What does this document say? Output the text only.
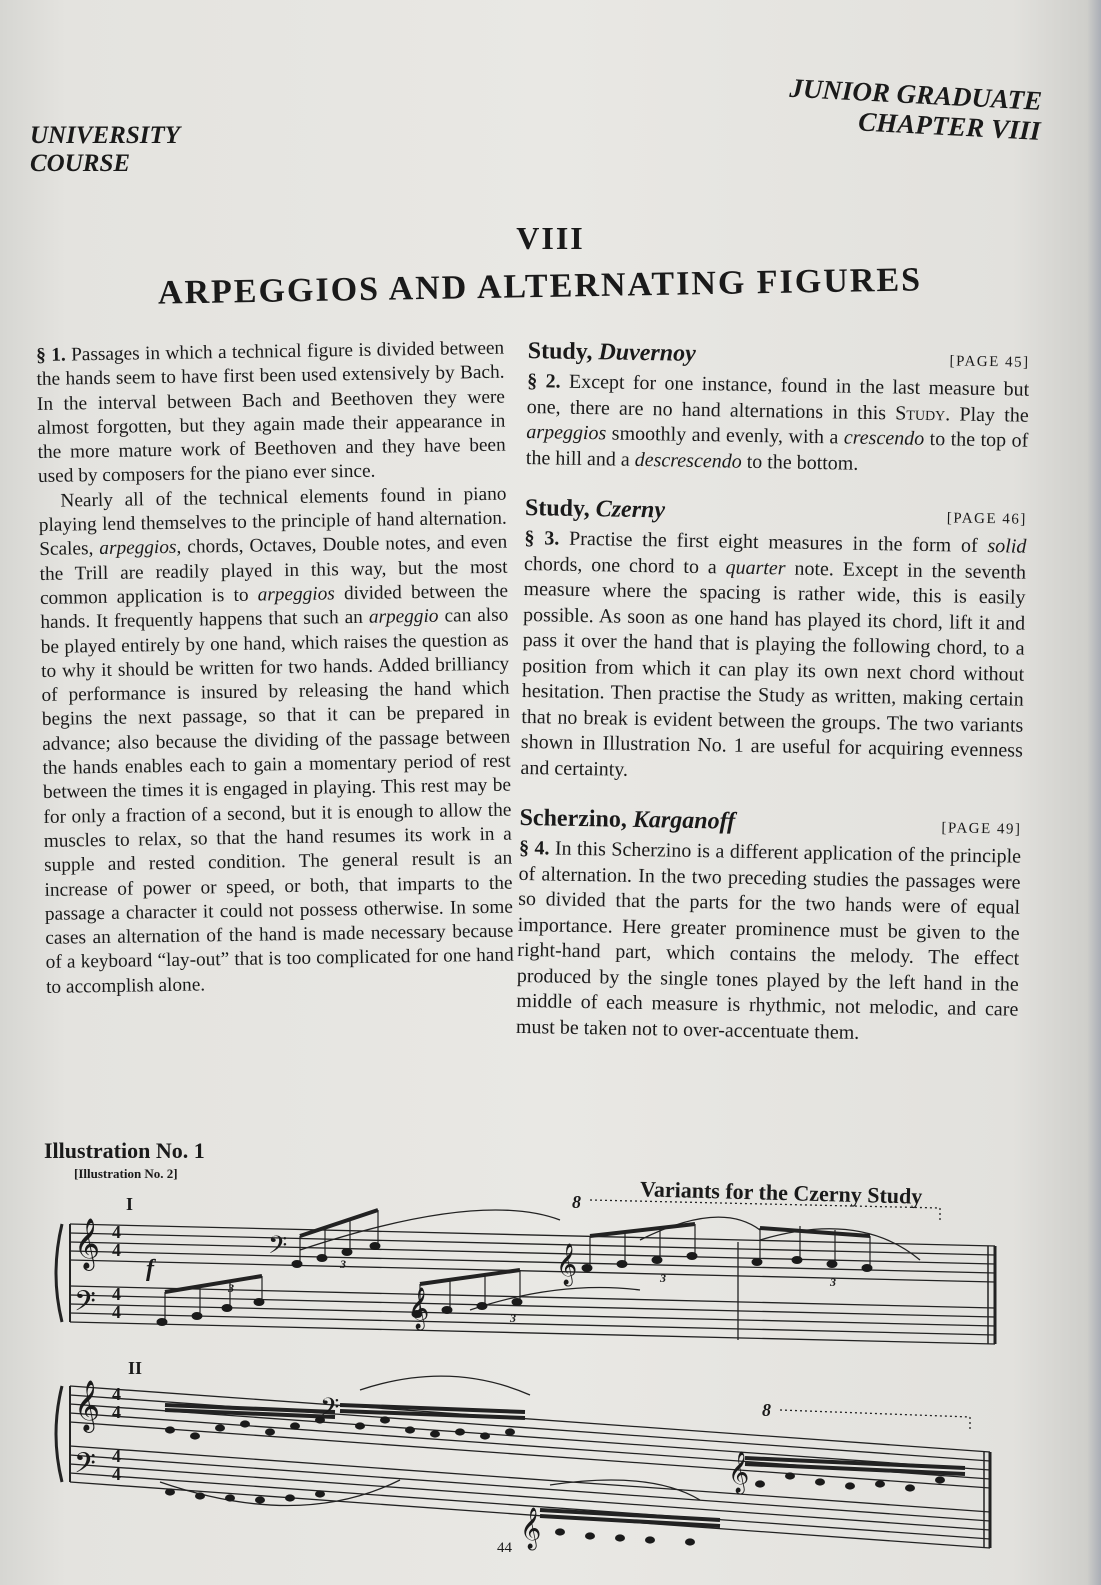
UNIVERSITY
COURSE
JUNIOR GRADUATE
CHAPTER VIII
VIII
ARPEGGIOS AND ALTERNATING FIGURES

§ 1. Passages in which a technical figure is divided between the hands seem to have first been used extensively by Bach. In the interval between Bach and Beethoven they were almost forgotten, but they again made their appearance in the more mature work of Beethoven and they have been used by composers for the piano ever since.

Nearly all of the technical elements found in piano playing lend themselves to the principle of hand alternation. Scales, arpeggios, chords, Octaves, Double notes, and even the Trill are readily played in this way, but the most common application is to arpeggios divided between the hands. It frequently happens that such an arpeggio can also be played entirely by one hand, which raises the question as to why it should be written for two hands. Added brilliancy of performance is insured by releasing the hand which begins the next passage, so that it can be prepared in advance; also because the dividing of the passage between the hands enables each to gain a momentary period of rest between the times it is engaged in playing. This rest may be for only a fraction of a second, but it is enough to allow the muscles to relax, so that the hand resumes its work in a supple and rested condition. The general result is an increase of power or speed, or both, that imparts to the passage a character it could not possess otherwise. In some cases an alternation of the hand is made necessary because of a keyboard “lay-out” that is too complicated for one hand to accomplish alone.

Study, Duvernoy	[PAGE 45]

§ 2. Except for one instance, found in the last measure but one, there are no hand alternations in this Study. Play the arpeggios smoothly and evenly, with a crescendo to the top of the hill and a descrescendo to the bottom.

Study, Czerny	[PAGE 46]

§ 3. Practise the first eight measures in the form of solid chords, one chord to a quarter note. Except in the seventh measure where the spacing is rather wide, this is easily possible. As soon as one hand has played its chord, lift it and pass it over the hand that is playing the following chord, to a position from which it can play its own next chord without hesitation. Then practise the Study as written, making certain that no break is evident between the groups. The two variants shown in Illustration No. 1 are useful for acquiring evenness and certainty.

Scherzino, Karganoff	[PAGE 49]

§ 4. In this Scherzino is a different application of the principle of alternation. In the two preceding studies the passages were so divided that the parts for the two hands were of equal importance. Here greater prominence must be given to the right-hand part, which contains the melody. The effect produced by the single tones played by the left hand in the middle of each measure is rhythmic, not melodic, and care must be taken not to over-accentuate them.

Illustration No. 1
[Illustration No. 2]
Variants for the Czerny Study
𝄞
𝄢
𝄢
𝄞
𝄞
𝄞
𝄢
𝄢
𝄞
𝄞
I
II
4
4
4
4
4
4
4
4
f
3
3
3
3	3
8
8
44
